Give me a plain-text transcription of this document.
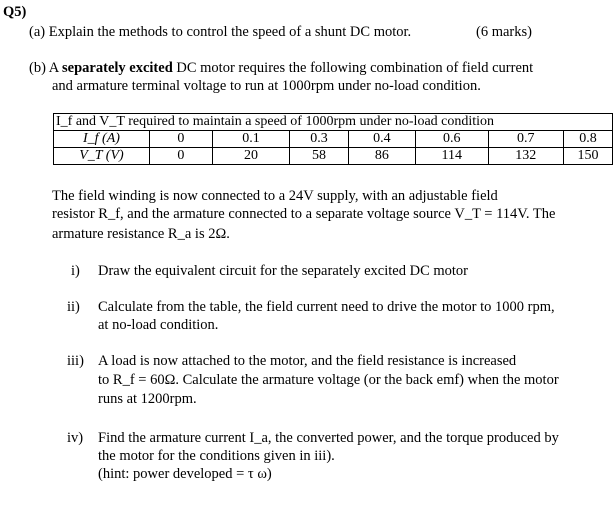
Q5)
(a) Explain the methods to control the speed of a shunt DC motor.	(6 marks)
(b) A separately excited DC motor requires the following combination of field current
and armature terminal voltage to run at 1000rpm under no-load condition.
I_f and V_T required to maintain a speed of 1000rpm under no-load condition							
I_f (A)	0	0.1	0.3	0.4	0.6	0.7	0.8
V_T (V)	0	20	58	86	114	132	150
The field winding is now connected to a 24V supply, with an adjustable field
resistor R_f, and the armature connected to a separate voltage source V_T = 114V. The
armature resistance R_a is 2Ω.
i) Draw the equivalent circuit for the separately excited DC motor
ii) Calculate from the table, the field current need to drive the motor to 1000 rpm,
at no-load condition.
iii) A load is now attached to the motor, and the field resistance is increased
to R_f = 60Ω. Calculate the armature voltage (or the back emf) when the motor
runs at 1200rpm.
iv) Find the armature current I_a, the converted power, and the torque produced by
the motor for the conditions given in iii).
(hint: power developed = τ ω)
